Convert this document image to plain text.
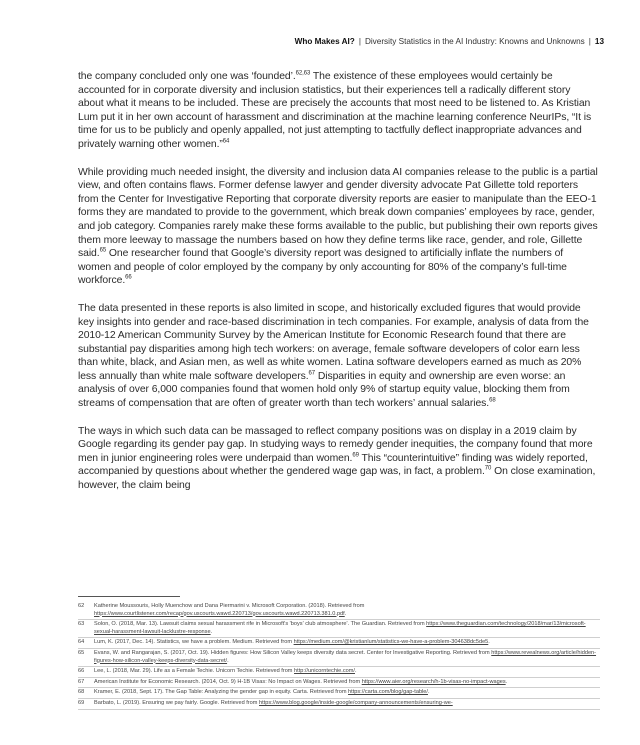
Who Makes AI? | Diversity Statistics in the AI Industry: Knowns and Unknowns | 13

the company concluded only one was ‘founded’.$^{62,63}$ The existence of these employees would certainly be accounted for in corporate diversity and inclusion statistics, but their experiences tell a radically different story about what it means to be included. These are precisely the accounts that most need to be listened to. As Kristian Lum put it in her own account of harassment and discrimination at the machine learning conference NeurIPs, “It is time for us to be publicly and openly appalled, not just attempting to tactfully deflect inappropriate advances and privately warning other women.”$^{64}$

While providing much needed insight, the diversity and inclusion data AI companies release to the public is a partial view, and often contains flaws. Former defense lawyer and gender diversity advocate Pat Gillette told reporters from the Center for Investigative Reporting that corporate diversity reports are easier to manipulate than the EEO-1 forms they are mandated to provide to the government, which break down companies’ employees by race, gender, and job category. Companies rarely make these forms available to the public, but publishing their own reports gives them more leeway to massage the numbers based on how they define terms like race, gender, and role, Gillette said.$^{65}$ One researcher found that Google’s diversity report was designed to artificially inflate the numbers of women and people of color employed by the company by only accounting for 80% of the company’s full-time workforce.$^{66}$

The data presented in these reports is also limited in scope, and historically excluded figures that would provide key insights into gender and race-based discrimination in tech companies. For example, analysis of data from the 2010-12 American Community Survey by the American Institute for Economic Research found that there are substantial pay disparities among high tech workers: on average, female software developers of color earn less than white, black, and Asian men, as well as white women. Latina software developers earned as much as 20% less annually than white male software developers.$^{67}$ Disparities in equity and ownership are even worse: an analysis of over 6,000 companies found that women hold only 9% of startup equity value, blocking them from streams of compensation that are often of greater worth than tech workers’ annual salaries.$^{68}$

The ways in which such data can be massaged to reflect company positions was on display in a 2019 claim by Google regarding its gender pay gap. In studying ways to remedy gender inequities, the company found that more men in junior engineering roles were underpaid than women.$^{69}$ This “counterintuitive” finding was widely reported, accompanied by questions about whether the gendered wage gap was, in fact, a problem.$^{70}$ On close examination, however, the claim being

62	Katherine Moussouris, Holly Muenchow and Dana Piermarini v. Microsoft Corporation. (2018). Retrieved from https://www.courtlistener.com/recap/gov.uscourts.wawd.220713/gov.uscourts.wawd.220713.381.0.pdf.
63	Solon, O. (2018, Mar. 13). Lawsuit claims sexual harassment rife in Microsoft's 'boys' club atmosphere'. The Guardian. Retrieved from https://www.theguardian.com/technology/2018/mar/13/microsoft-sexual-harassment-lawsuit-lacklustre-response.
64	Lum, K. (2017, Dec. 14). Statistics, we have a problem. Medium. Retrieved from https://medium.com/@kristianlum/statistics-we-have-a-problem-304638dc5de5.
65	Evans, W. and Rangarajan, S. (2017, Oct. 19). Hidden figures: How Silicon Valley keeps diversity data secret. Center for Investigative Reporting. Retrieved from https://www.revealnews.org/article/hidden-figures-how-silicon-valley-keeps-diversity-data-secret/.
66	Lee, L. (2018, Mar. 29). Life as a Female Techie. Unicorn Techie. Retrieved from http://unicorntechie.com/.
67	American Institute for Economic Research. (2014, Oct. 9) H-1B Visas: No Impact on Wages. Retrieved from https://www.aier.org/research/h-1b-visas-no-impact-wages.
68	Kramer, E. (2018, Sept. 17). The Gap Table: Analyzing the gender gap in equity. Carta. Retrieved from https://carta.com/blog/gap-table/.
69	Barbato, L. (2019). Ensuring we pay fairly. Google. Retrieved from https://www.blog.google/inside-google/company-announcements/ensuring-we-
